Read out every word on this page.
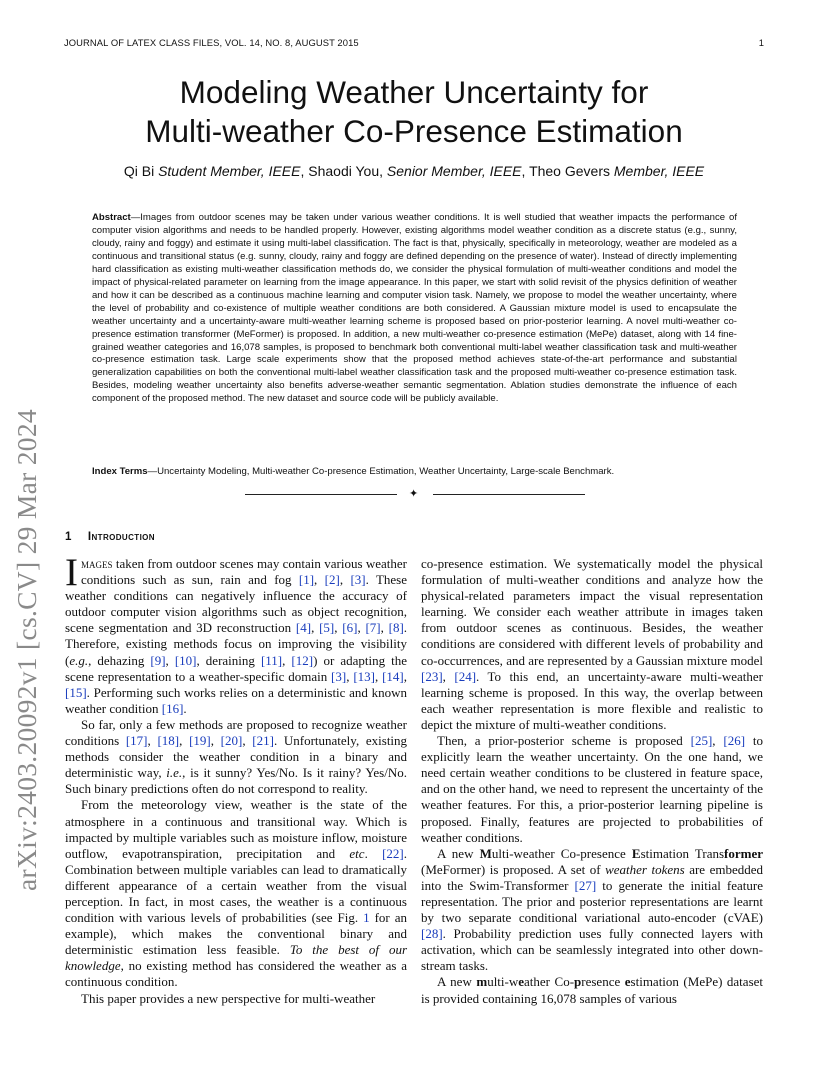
JOURNAL OF LATEX CLASS FILES, VOL. 14, NO. 8, AUGUST 2015	1
arXiv:2403.20092v1 [cs.CV] 29 Mar 2024
Modeling Weather Uncertainty for
Multi-weather Co-Presence Estimation
Qi Bi Student Member, IEEE, Shaodi You, Senior Member, IEEE, Theo Gevers Member, IEEE

Abstract—Images from outdoor scenes may be taken under various weather conditions. It is well studied that weather impacts the performance of computer vision algorithms and needs to be handled properly. However, existing algorithms model weather condition as a discrete status (e.g., sunny, cloudy, rainy and foggy) and estimate it using multi-label classification. The fact is that, physically, specifically in meteorology, weather are modeled as a continuous and transitional status (e.g. sunny, cloudy, rainy and foggy are defined depending on the presence of water). Instead of directly implementing hard classification as existing multi-weather classification methods do, we consider the physical formulation of multi-weather conditions and model the impact of physical-related parameter on learning from the image appearance. In this paper, we start with solid revisit of the physics definition of weather and how it can be described as a continuous machine learning and computer vision task. Namely, we propose to model the weather uncertainty, where the level of probability and co-existence of multiple weather conditions are both considered. A Gaussian mixture model is used to encapsulate the weather uncertainty and a uncertainty-aware multi-weather learning scheme is proposed based on prior-posterior learning. A novel multi-weather co-presence estimation transformer (MeFormer) is proposed. In addition, a new multi-weather co-presence estimation (MePe) dataset, along with 14 fine-grained weather categories and 16,078 samples, is proposed to benchmark both conventional multi-label weather classification task and multi-weather co-presence estimation task. Large scale experiments show that the proposed method achieves state-of-the-art performance and substantial generalization capabilities on both the conventional multi-label weather classification task and the proposed multi-weather co-presence estimation task. Besides, modeling weather uncertainty also benefits adverse-weather semantic segmentation. Ablation studies demonstrate the influence of each component of the proposed method. The new dataset and source code will be publicly available.

Index Terms—Uncertainty Modeling, Multi-weather Co-presence Estimation, Weather Uncertainty, Large-scale Benchmark.

✦
1 Introduction

Images taken from outdoor scenes may contain various weather conditions such as sun, rain and fog [1], [2], [3]. These weather conditions can negatively influence the accuracy of outdoor computer vision algorithms such as object recognition, scene segmentation and 3D reconstruction [4], [5], [6], [7], [8]. Therefore, existing methods focus on improving the visibility (e.g., dehazing [9], [10], deraining [11], [12]) or adapting the scene representation to a weather-specific domain [3], [13], [14], [15]. Performing such works relies on a deterministic and known weather condition [16].

So far, only a few methods are proposed to recognize weather conditions [17], [18], [19], [20], [21]. Unfortunately, existing methods consider the weather condition in a binary and deterministic way, i.e., is it sunny? Yes/No. Is it rainy? Yes/No. Such binary predictions often do not correspond to reality.

From the meteorology view, weather is the state of the atmosphere in a continuous and transitional way. Which is impacted by multiple variables such as moisture inflow, moisture outflow, evapotranspiration, precipitation and etc. [22]. Combination between multiple variables can lead to dramatically different appearance of a certain weather from the visual perception. In fact, in most cases, the weather is a continuous condition with various levels of probabilities (see Fig. 1 for an example), which makes the conventional binary and deterministic estimation less feasible. To the best of our knowledge, no existing method has considered the weather as a continuous condition.

This paper provides a new perspective for multi-weather

co-presence estimation. We systematically model the physical formulation of multi-weather conditions and analyze how the physical-related parameters impact the visual representation learning. We consider each weather attribute in images taken from outdoor scenes as continuous. Besides, the weather conditions are considered with different levels of probability and co-occurrences, and are represented by a Gaussian mixture model [23], [24]. To this end, an uncertainty-aware multi-weather learning scheme is proposed. In this way, the overlap between each weather representation is more flexible and realistic to depict the mixture of multi-weather conditions.

Then, a prior-posterior scheme is proposed [25], [26] to explicitly learn the weather uncertainty. On the one hand, we need certain weather conditions to be clustered in feature space, and on the other hand, we need to represent the uncertainty of the weather features. For this, a prior-posterior learning pipeline is proposed. Finally, features are projected to probabilities of weather conditions.

A new Multi-weather Co-presence Estimation Transformer (MeFormer) is proposed. A set of weather tokens are embedded into the Swim-Transformer [27] to generate the initial feature representation. The prior and posterior representations are learnt by two separate conditional variational auto-encoder (cVAE) [28]. Probability prediction uses fully connected layers with activation, which can be seamlessly integrated into other down-stream tasks.

A new multi-weather Co-presence estimation (MePe) dataset is provided containing 16,078 samples of various
